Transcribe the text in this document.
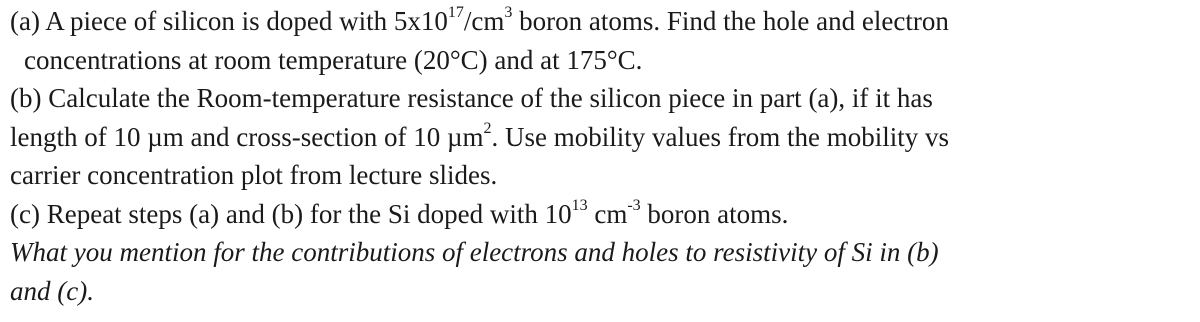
(a) A piece of silicon is doped with $5x10^{17}/cm^3$ boron atoms. Find the hole and electron
concentrations at room temperature (20°C) and at 175°C.
(b) Calculate the Room-temperature resistance of the silicon piece in part (a), if it has
length of 10 µm and cross-section of 10 µm$^2$. Use mobility values from the mobility vs
carrier concentration plot from lecture slides.
(c) Repeat steps (a) and (b) for the Si doped with $10^{13}$ $cm^{-3}$ boron atoms.
What you mention for the contributions of electrons and holes to resistivity of Si in (b)
and (c).
